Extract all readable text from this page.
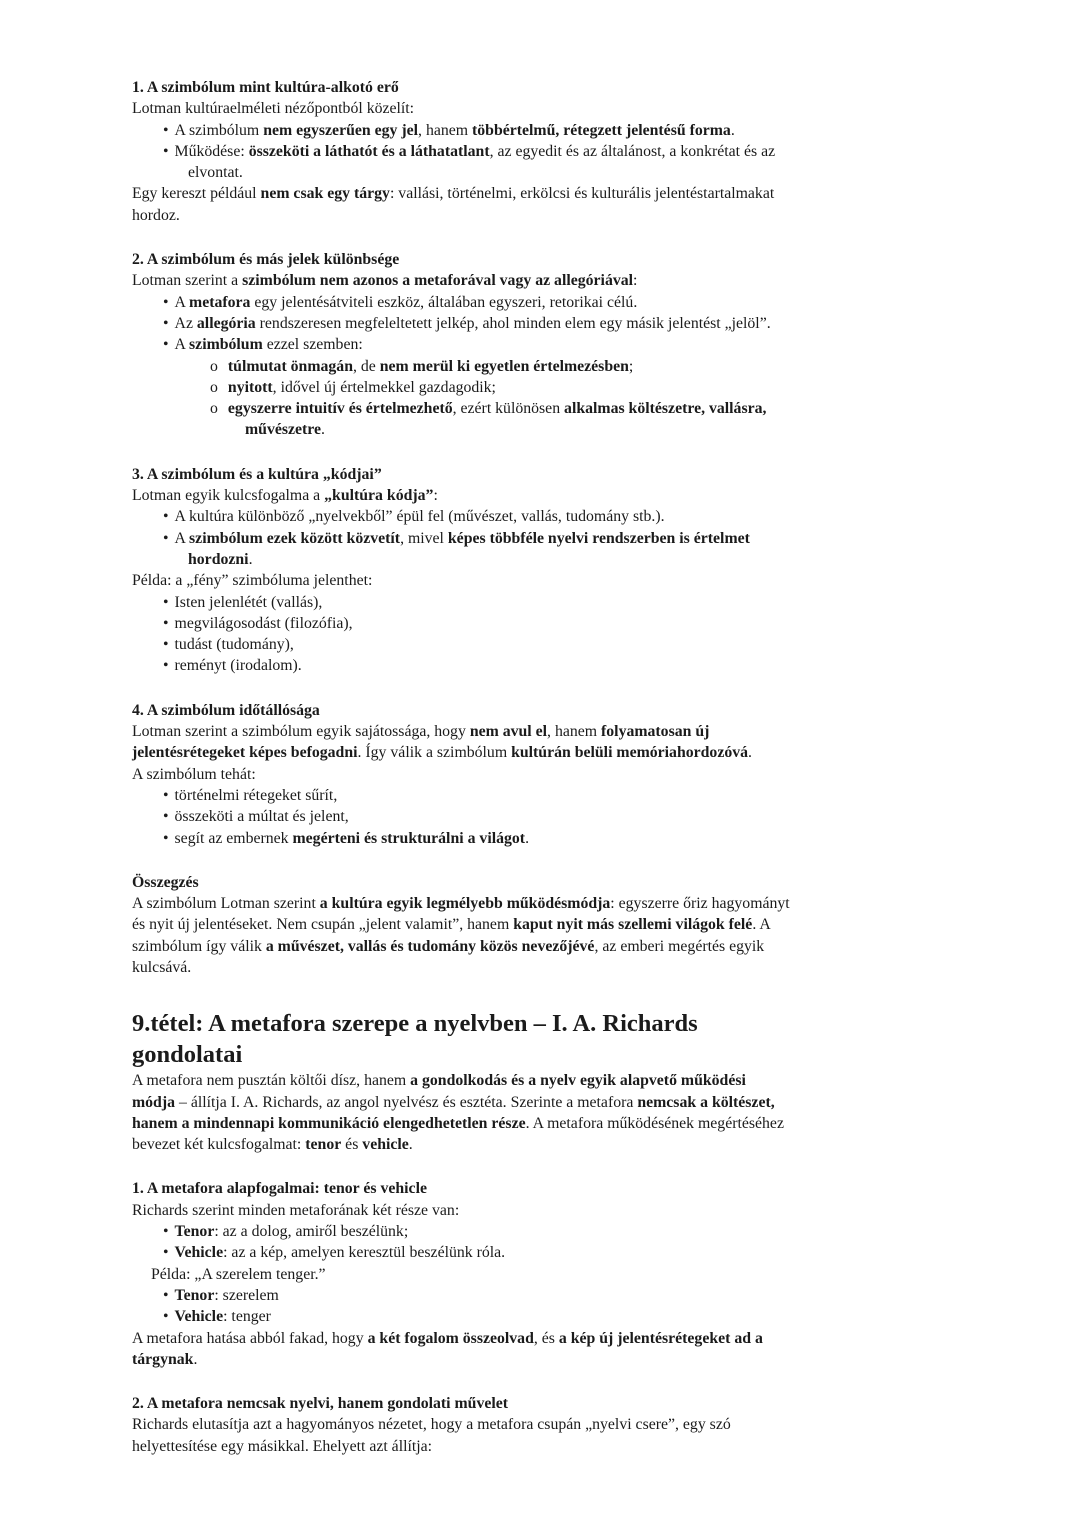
1. A szimbólum mint kultúra-alkotó erő
Lotman kultúraelméleti nézőpontból közelít:
• A szimbólum nem egyszerűen egy jel, hanem többértelmű, rétegzett jelentésű forma.
• Működése: összeköti a láthatót és a láthatatlant, az egyedit és az általánost, a konkrétat és az elvontat.
Egy kereszt például nem csak egy tárgy: vallási, történelmi, erkölcsi és kulturális jelentéstartalmakat hordoz.
2. A szimbólum és más jelek különbsége
Lotman szerint a szimbólum nem azonos a metaforával vagy az allegóriával:
• A metafora egy jelentésátviteli eszköz, általában egyszeri, retorikai célú.
• Az allegória rendszeresen megfeleltetett jelkép, ahol minden elem egy másik jelentést „jelöl”.
• A szimbólum ezzel szemben:
o túlmutat önmagán, de nem merül ki egyetlen értelmezésben;
o nyitott, idővel új értelmekkel gazdagodik;
o egyszerre intuitív és értelmezhető, ezért különösen alkalmas költészetre, vallásra, művészetre.
3. A szimbólum és a kultúra „kódjai”
Lotman egyik kulcsfogalma a „kultúra kódja”:
• A kultúra különböző „nyelvekből” épül fel (művészet, vallás, tudomány stb.).
• A szimbólum ezek között közvetít, mivel képes többféle nyelvi rendszerben is értelmet hordozni.
Példa: a „fény” szimbóluma jelenthet:
• Isten jelenlétét (vallás),
• megvilágosodást (filozófia),
• tudást (tudomány),
• reményt (irodalom).
4. A szimbólum időtállósága
Lotman szerint a szimbólum egyik sajátossága, hogy nem avul el, hanem folyamatosan új jelentésrétegeket képes befogadni. Így válik a szimbólum kultúrán belüli memóriahordozóvá.
A szimbólum tehát:
• történelmi rétegeket sűrít,
• összeköti a múltat és jelent,
• segít az embernek megérteni és strukturálni a világot.
Összegzés
A szimbólum Lotman szerint a kultúra egyik legmélyebb működésmódja: egyszerre őriz hagyományt és nyit új jelentéseket. Nem csupán „jelent valamit”, hanem kaput nyit más szellemi világok felé. A szimbólum így válik a művészet, vallás és tudomány közös nevezőjévé, az emberi megértés egyik kulcsává.
9.tétel: A metafora szerepe a nyelvben – I. A. Richards gondolatai
A metafora nem pusztán költői dísz, hanem a gondolkodás és a nyelv egyik alapvető működési módja – állítja I. A. Richards, az angol nyelvész és esztéta. Szerinte a metafora nemcsak a költészet, hanem a mindennapi kommunikáció elengedhetetlen része. A metafora működésének megértéséhez bevezet két kulcsfogalmat: tenor és vehicle.
1. A metafora alapfogalmai: tenor és vehicle
Richards szerint minden metaforának két része van:
• Tenor: az a dolog, amiről beszélünk;
• Vehicle: az a kép, amelyen keresztül beszélünk róla.
Példa: „A szerelem tenger.”
• Tenor: szerelem
• Vehicle: tenger
A metafora hatása abból fakad, hogy a két fogalom összeolvad, és a kép új jelentésrétegeket ad a tárgynak.
2. A metafora nemcsak nyelvi, hanem gondolati művelet
Richards elutasítja azt a hagyományos nézetet, hogy a metafora csupán „nyelvi csere”, egy szó helyettesítése egy másikkal. Ehelyett azt állítja:
